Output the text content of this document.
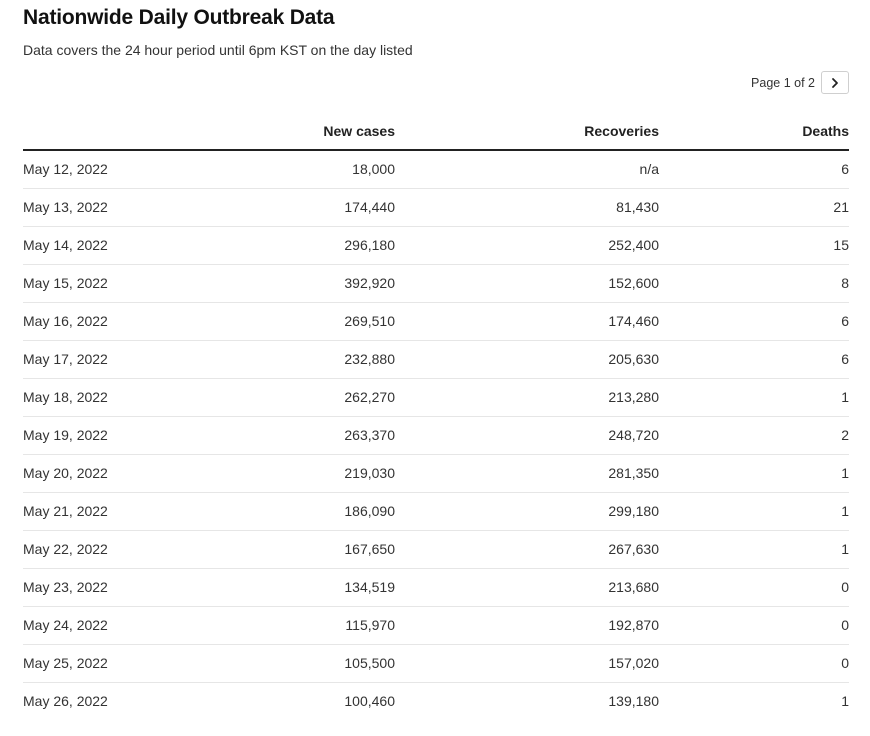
Nationwide Daily Outbreak Data

Data covers the 24 hour period until 6pm KST on the day listed

Page 1 of 2
	New cases	Recoveries	Deaths
May 12, 2022	18,000	n/a	6
May 13, 2022	174,440	81,430	21
May 14, 2022	296,180	252,400	15
May 15, 2022	392,920	152,600	8
May 16, 2022	269,510	174,460	6
May 17, 2022	232,880	205,630	6
May 18, 2022	262,270	213,280	1
May 19, 2022	263,370	248,720	2
May 20, 2022	219,030	281,350	1
May 21, 2022	186,090	299,180	1
May 22, 2022	167,650	267,630	1
May 23, 2022	134,519	213,680	0
May 24, 2022	115,970	192,870	0
May 25, 2022	105,500	157,020	0
May 26, 2022	100,460	139,180	1
